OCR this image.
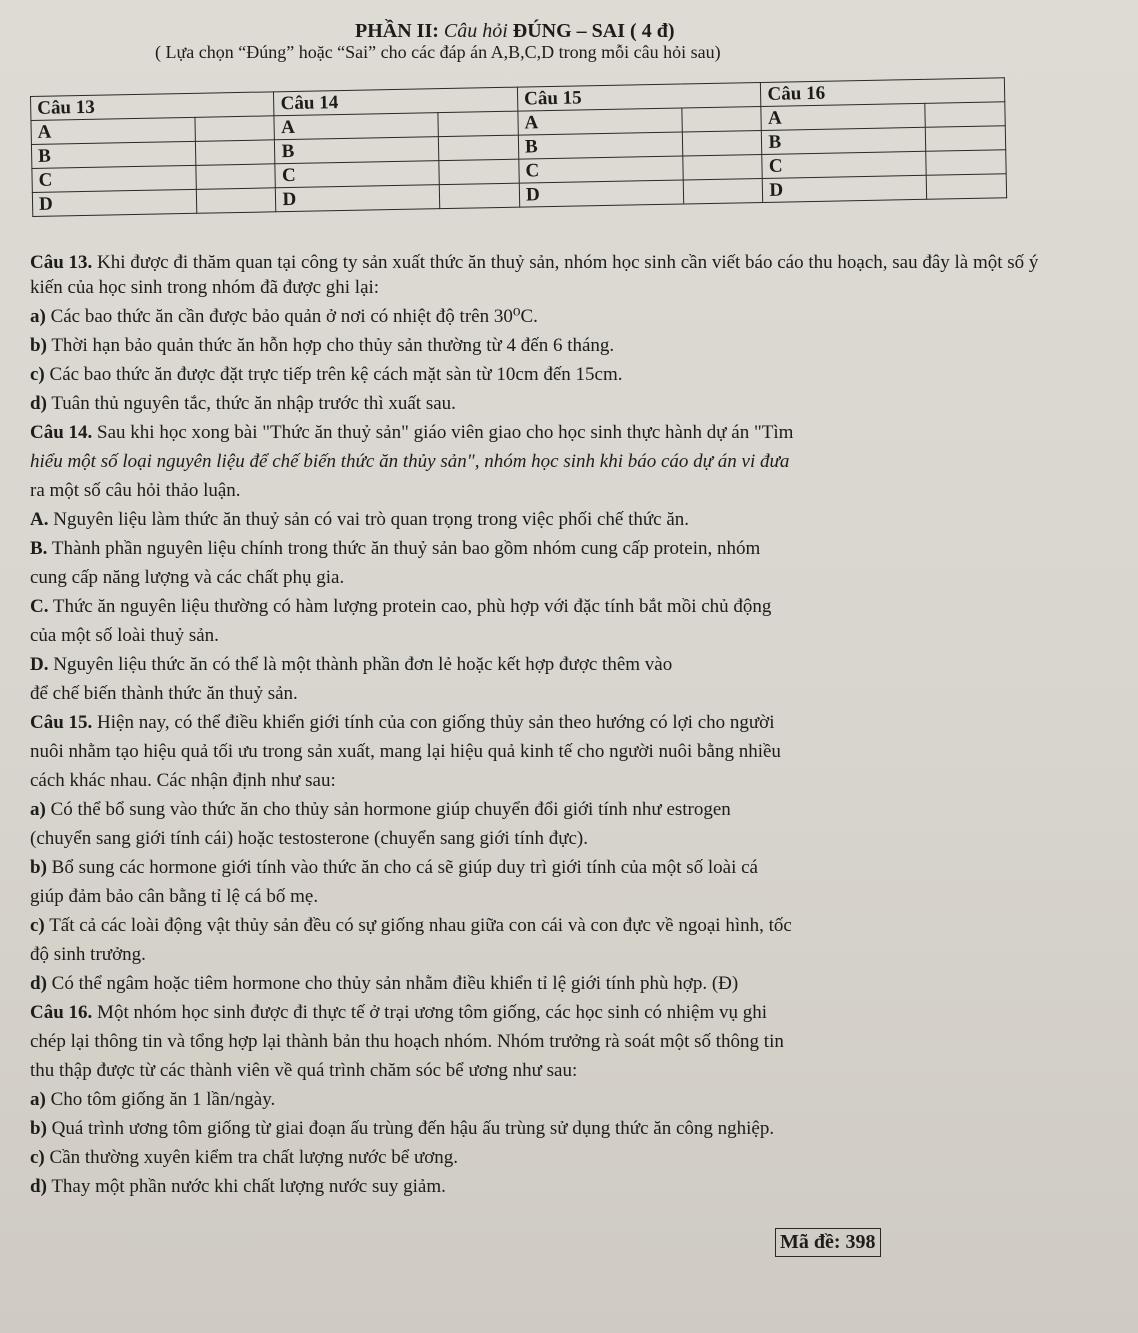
PHẦN II: Câu hỏi ĐÚNG – SAI ( 4 đ)
( Lựa chọn “Đúng” hoặc “Sai” cho các đáp án A,B,C,D trong mỗi câu hỏi sau)
Câu 13		Câu 14		Câu 15		Câu 16	
A		A		A		A	
B		B		B		B	
C		C		C		C	
D		D		D		D	

Câu 13. Khi được đi thăm quan tại công ty sản xuất thức ăn thuỷ sản, nhóm học sinh cần viết báo cáo thu hoạch, sau đây là một số ý kiến của học sinh trong nhóm đã được ghi lại:

a) Các bao thức ăn cần được bảo quản ở nơi có nhiệt độ trên 30⁰C.

b) Thời hạn bảo quản thức ăn hỗn hợp cho thủy sản thường từ 4 đến 6 tháng.

c) Các bao thức ăn được đặt trực tiếp trên kệ cách mặt sàn từ 10cm đến 15cm.

d) Tuân thủ nguyên tắc, thức ăn nhập trước thì xuất sau.

Câu 14. Sau khi học xong bài "Thức ăn thuỷ sản" giáo viên giao cho học sinh thực hành dự án "Tìm

hiểu một số loại nguyên liệu để chế biến thức ăn thủy sản", nhóm học sinh khi báo cáo dự án vi đưa

ra một số câu hỏi thảo luận.

A. Nguyên liệu làm thức ăn thuỷ sản có vai trò quan trọng trong việc phối chế thức ăn.

B. Thành phần nguyên liệu chính trong thức ăn thuỷ sản bao gồm nhóm cung cấp protein, nhóm

cung cấp năng lượng và các chất phụ gia.

C. Thức ăn nguyên liệu thường có hàm lượng protein cao, phù hợp với đặc tính bắt mồi chủ động

của một số loài thuỷ sản.

D. Nguyên liệu thức ăn có thể là một thành phần đơn lẻ hoặc kết hợp được thêm vào

để chế biến thành thức ăn thuỷ sản.

Câu 15. Hiện nay, có thể điều khiển giới tính của con giống thủy sản theo hướng có lợi cho người

nuôi nhằm tạo hiệu quả tối ưu trong sản xuất, mang lại hiệu quả kinh tế cho người nuôi bằng nhiều

cách khác nhau. Các nhận định như sau:

a) Có thể bổ sung vào thức ăn cho thủy sản hormone giúp chuyển đổi giới tính như estrogen

(chuyển sang giới tính cái) hoặc testosterone (chuyển sang giới tính đực).

b) Bổ sung các hormone giới tính vào thức ăn cho cá sẽ giúp duy trì giới tính của một số loài cá

giúp đảm bảo cân bằng tỉ lệ cá bố mẹ.

c) Tất cả các loài động vật thủy sản đều có sự giống nhau giữa con cái và con đực về ngoại hình, tốc

độ sinh trưởng.

d) Có thể ngâm hoặc tiêm hormone cho thủy sản nhằm điều khiển tỉ lệ giới tính phù hợp. (Đ)

Câu 16. Một nhóm học sinh được đi thực tế ở trại ương tôm giống, các học sinh có nhiệm vụ ghi

chép lại thông tin và tổng hợp lại thành bản thu hoạch nhóm. Nhóm trưởng rà soát một số thông tin

thu thập được từ các thành viên về quá trình chăm sóc bể ương như sau:

a) Cho tôm giống ăn 1 lần/ngày.

b) Quá trình ương tôm giống từ giai đoạn ấu trùng đến hậu ấu trùng sử dụng thức ăn công nghiệp.

c) Cần thường xuyên kiểm tra chất lượng nước bể ương.

d) Thay một phần nước khi chất lượng nước suy giảm.

Mã đề: 398
